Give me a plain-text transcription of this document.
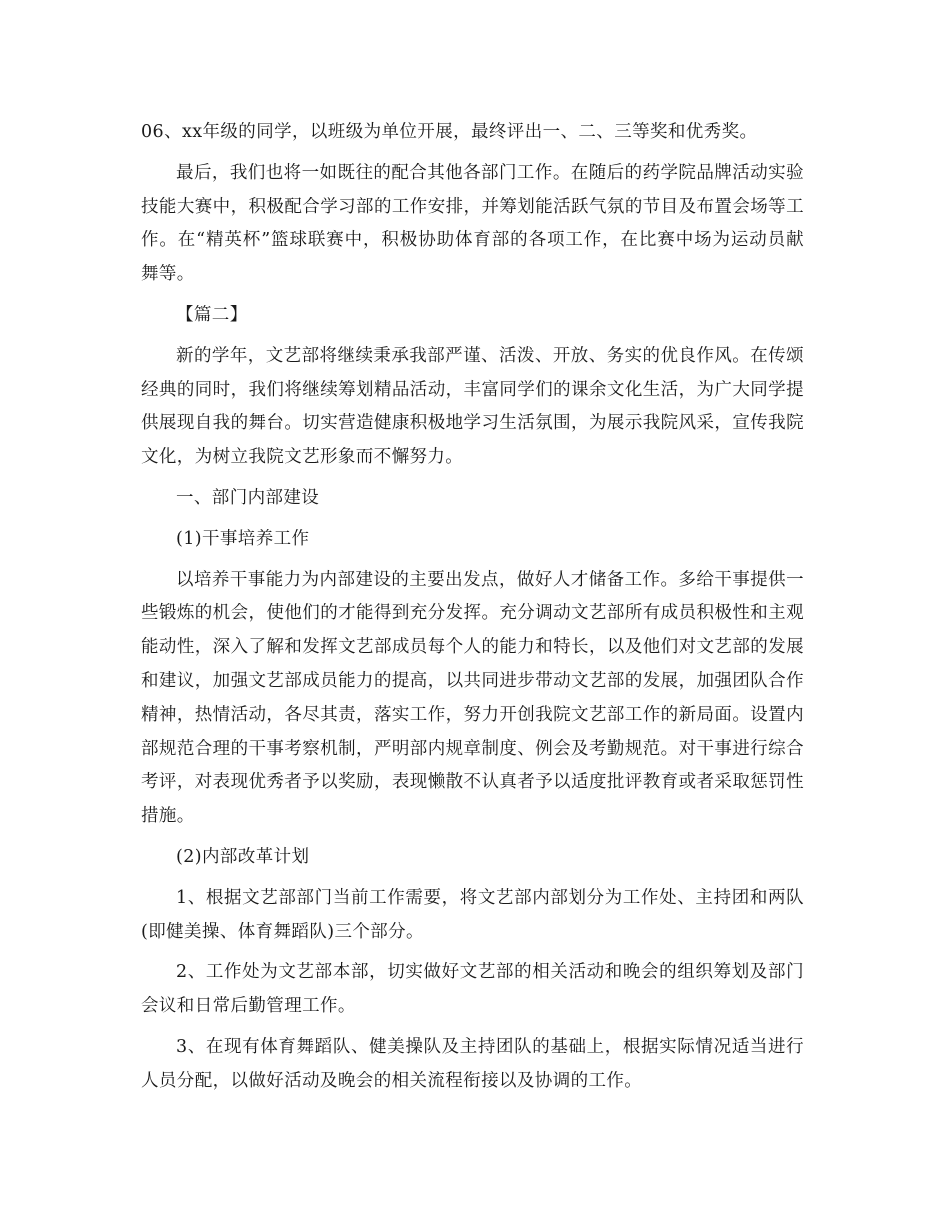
06、xx年级的同学，以班级为单位开展，最终评出一、二、三等奖和优秀奖。

最后，我们也将一如既往的配合其他各部门工作。在随后的药学院品牌活动实验技能大赛中，积极配合学习部的工作安排，并筹划能活跃气氛的节目及布置会场等工作。在“精英杯”篮球联赛中，积极协助体育部的各项工作，在比赛中场为运动员献舞等。

【篇二】

新的学年，文艺部将继续秉承我部严谨、活泼、开放、务实的优良作风。在传颂经典的同时，我们将继续筹划精品活动，丰富同学们的课余文化生活，为广大同学提供展现自我的舞台。切实营造健康积极地学习生活氛围，为展示我院风采，宣传我院文化，为树立我院文艺形象而不懈努力。

一、部门内部建设

(1)干事培养工作

以培养干事能力为内部建设的主要出发点，做好人才储备工作。多给干事提供一些锻炼的机会，使他们的才能得到充分发挥。充分调动文艺部所有成员积极性和主观能动性，深入了解和发挥文艺部成员每个人的能力和特长，以及他们对文艺部的发展和建议，加强文艺部成员能力的提高，以共同进步带动文艺部的发展，加强团队合作精神，热情活动，各尽其责，落实工作，努力开创我院文艺部工作的新局面。设置内部规范合理的干事考察机制，严明部内规章制度、例会及考勤规范。对干事进行综合考评，对表现优秀者予以奖励，表现懒散不认真者予以适度批评教育或者采取惩罚性措施。

(2)内部改革计划

1、根据文艺部部门当前工作需要，将文艺部内部划分为工作处、主持团和两队(即健美操、体育舞蹈队)三个部分。

2、工作处为文艺部本部，切实做好文艺部的相关活动和晚会的组织筹划及部门会议和日常后勤管理工作。

3、在现有体育舞蹈队、健美操队及主持团队的基础上，根据实际情况适当进行人员分配，以做好活动及晚会的相关流程衔接以及协调的工作。
